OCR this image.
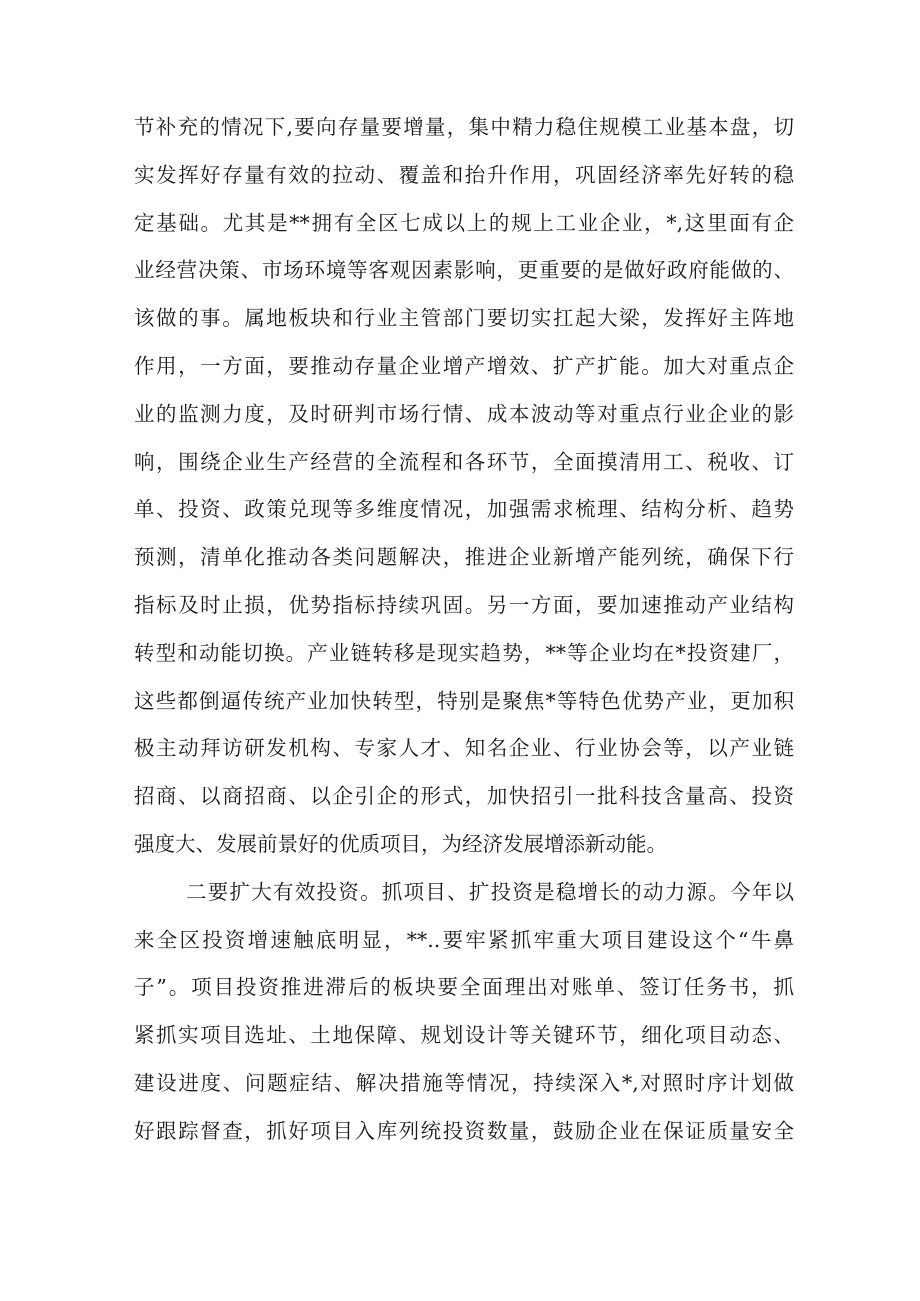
节补充的情况下,要向存量要增量，集中精力稳住规模工业基本盘，切
实发挥好存量有效的拉动、覆盖和抬升作用，巩固经济率先好转的稳
定基础。尤其是**拥有全区七成以上的规上工业企业，*,这里面有企
业经营决策、市场环境等客观因素影响，更重要的是做好政府能做的、
该做的事。属地板块和行业主管部门要切实扛起大梁，发挥好主阵地
作用，一方面，要推动存量企业增产增效、扩产扩能。加大对重点企
业的监测力度，及时研判市场行情、成本波动等对重点行业企业的影
响，围绕企业生产经营的全流程和各环节，全面摸清用工、税收、订
单、投资、政策兑现等多维度情况，加强需求梳理、结构分析、趋势
预测，清单化推动各类问题解决，推进企业新增产能列统，确保下行
指标及时止损，优势指标持续巩固。另一方面，要加速推动产业结构
转型和动能切换。产业链转移是现实趋势，**等企业均在*投资建厂，
这些都倒逼传统产业加快转型，特别是聚焦*等特色优势产业，更加积
极主动拜访研发机构、专家人才、知名企业、行业协会等，以产业链
招商、以商招商、以企引企的形式，加快招引一批科技含量高、投资
强度大、发展前景好的优质项目，为经济发展增添新动能。
二要扩大有效投资。抓项目、扩投资是稳增长的动力源。今年以
来全区投资增速触底明显，**..要牢紧抓牢重大项目建设这个“牛鼻
子”。项目投资推进滞后的板块要全面理出对账单、签订任务书，抓
紧抓实项目选址、土地保障、规划设计等关键环节，细化项目动态、
建设进度、问题症结、解决措施等情况，持续深入*,对照时序计划做
好跟踪督查，抓好项目入库列统投资数量，鼓励企业在保证质量安全
